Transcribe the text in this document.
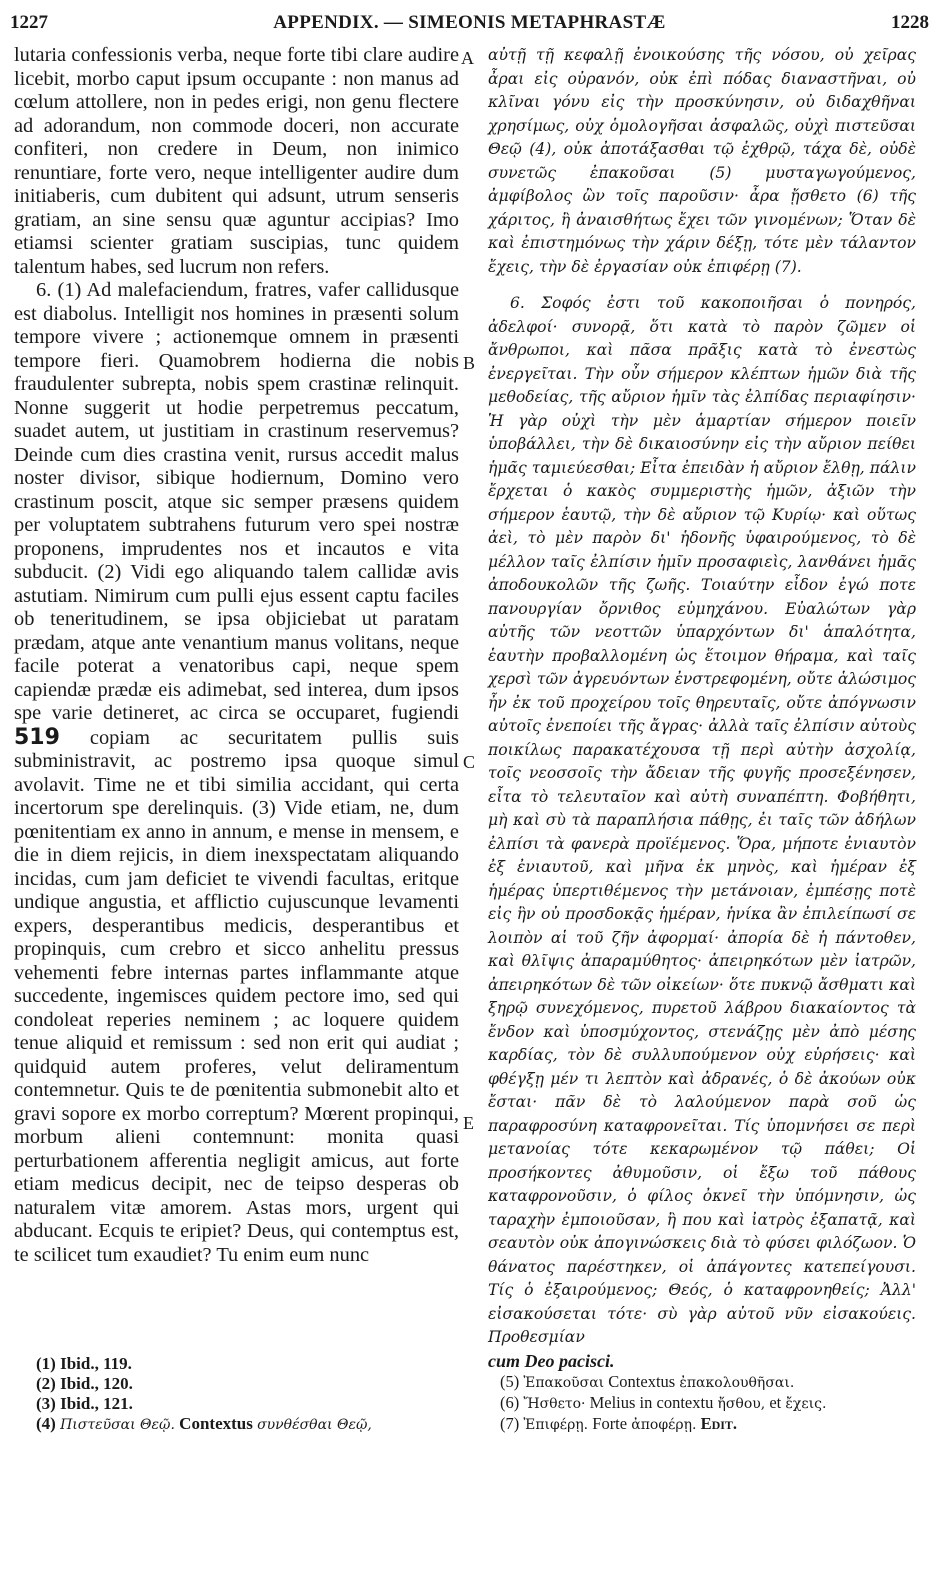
1227	APPENDIX. — SIMEONIS METAPHRASTÆ	1228

lutaria confessionis verba, neque forte tibi clare audire licebit, morbo caput ipsum occupante : non manus ad cœlum attollere, non in pedes erigi, non genu flectere ad adorandum, non commode doceri, non accurate confiteri, non credere in Deum, non inimico renuntiare, forte vero, neque intelligenter audire dum initiaberis, cum dubitent qui adsunt, utrum senseris gratiam, an sine sensu quæ aguntur accipias? Imo etiamsi scienter gratiam suscipias, tunc quidem talentum habes, sed lucrum non refers.

6. (1) Ad malefaciendum, fratres, vafer callidusque est diabolus. Intelligit nos homines in præsenti solum tempore vivere ; actionemque omnem in præsenti tempore fieri. Quamobrem hodierna die nobis fraudulenter subrepta, nobis spem crastinæ relinquit. Nonne suggerit ut hodie perpetremus peccatum, suadet autem, ut justitiam in crastinum reservemus? Deinde cum dies crastina venit, rursus accedit malus noster divisor, sibique hodiernum, Domino vero crastinum poscit, atque sic semper præsens quidem per voluptatem subtrahens futurum vero spei nostræ proponens, imprudentes nos et incautos e vita subducit. (2) Vidi ego aliquando talem callidæ avis astutiam. Nimirum cum pulli ejus essent captu faciles ob teneritudinem, se ipsa objiciebat ut paratam prædam, atque ante venantium manus volitans, neque facile poterat a venatoribus capi, neque spem capiendæ prædæ eis adimebat, sed interea, dum ipsos spe varie detineret, ac circa se occuparet, fugiendi 519 copiam ac securitatem pullis suis subministravit, ac postremo ipsa quoque simul avolavit. Time ne et tibi similia accidant, qui certa incertorum spe derelinquis. (3) Vide etiam, ne, dum pœnitentiam ex anno in annum, e mense in mensem, e die in diem rejicis, in diem inexspectatam aliquando incidas, cum jam deficiet te vivendi facultas, eritque undique angustia, et afflictio cujuscunque levamenti expers, desperantibus medicis, desperantibus et propinquis, cum crebro et sicco anhelitu pressus vehementi febre internas partes inflammante atque succedente, ingemisces quidem pectore imo, sed qui condoleat reperies neminem ; ac loquere quidem tenue aliquid et remissum : sed non erit qui audiat ; quidquid autem proferes, velut deliramentum contemnetur. Quis te de pœnitentia submonebit alto et gravi sopore ex morbo correptum? Mœrent propinqui, morbum alieni contemnunt: monita quasi perturbationem afferentia negligit amicus, aut forte etiam medicus decipit, nec de teipso desperas ob naturalem vitæ amorem. Astas mors, urgent qui abducant. Ecquis te eripiet? Deus, qui contemptus est, te scilicet tum exaudiet? Tu enim eum nunc

A
B
C
E

αὐτῇ τῇ κεφαλῇ ἐνοικούσης τῆς νόσου, οὐ χεῖρας ἆραι εἰς οὐρανόν, οὐκ ἐπὶ πόδας διαναστῆναι, οὐ κλῖναι γόνυ εἰς τὴν προσκύνησιν, οὐ διδαχθῆναι χρησίμως, οὐχ ὁμολογῆσαι ἀσφαλῶς, οὐχὶ πιστεῦσαι Θεῷ (4), οὐκ ἀποτάξασθαι τῷ ἐχθρῷ, τάχα δὲ, οὐδὲ συνετῶς ἐπακοῦσαι (5) μυσταγωγούμενος, ἀμφίβολος ὢν τοῖς παροῦσιν· ἆρα ᾔσθετο (6) τῆς χάριτος, ἢ ἀναισθήτως ἔχει τῶν γινομένων; Ὅταν δὲ καὶ ἐπιστημόνως τὴν χάριν δέξῃ, τότε μὲν τάλαντον ἔχεις, τὴν δὲ ἐργασίαν οὐκ ἐπιφέρῃ (7).

6. Σοφός ἐστι τοῦ κακοποιῆσαι ὁ πονηρός, ἀδελφοί· συνορᾷ, ὅτι κατὰ τὸ παρὸν ζῶμεν οἱ ἄνθρωποι, καὶ πᾶσα πρᾶξις κατὰ τὸ ἐνεστὼς ἐνεργεῖται. Τὴν οὖν σήμερον κλέπτων ἡμῶν διὰ τῆς μεθοδείας, τῆς αὔριον ἡμῖν τὰς ἐλπίδας περιαφίησιν· Ἡ γὰρ οὐχὶ τὴν μὲν ἁμαρτίαν σήμερον ποιεῖν ὑποβάλλει, τὴν δὲ δικαιοσύνην εἰς τὴν αὔριον πείθει ἡμᾶς ταμιεύεσθαι; Εἶτα ἐπειδὰν ἡ αὔριον ἔλθῃ, πάλιν ἔρχεται ὁ κακὸς συμμεριστὴς ἡμῶν, ἀξιῶν τὴν σήμερον ἑαυτῷ, τὴν δὲ αὔριον τῷ Κυρίῳ· καὶ οὕτως ἀεὶ, τὸ μὲν παρὸν δι' ἡδονῆς ὑφαιρούμενος, τὸ δὲ μέλλον ταῖς ἐλπίσιν ἡμῖν προσαφιεὶς, λανθάνει ἡμᾶς ἀποδουκολῶν τῆς ζωῆς. Τοιαύτην εἶδον ἐγώ ποτε πανουργίαν ὄρνιθος εὐμηχάνου. Εὐαλώτων γὰρ αὐτῆς τῶν νεοττῶν ὑπαρχόντων δι' ἁπαλότητα, ἑαυτὴν προβαλλομένη ὡς ἕτοιμον θήραμα, καὶ ταῖς χερσὶ τῶν ἀγρευόντων ἐνστρεφομένη, οὔτε ἁλώσιμος ἦν ἐκ τοῦ προχείρου τοῖς θηρευταῖς, οὔτε ἀπόγνωσιν αὐτοῖς ἐνεποίει τῆς ἄγρας· ἀλλὰ ταῖς ἐλπίσιν αὐτοὺς ποικίλως παρακατέχουσα τῇ περὶ αὐτὴν ἀσχολίᾳ, τοῖς νεοσσοῖς τὴν ἄδειαν τῆς φυγῆς προσεξένησεν, εἶτα τὸ τελευταῖον καὶ αὐτὴ συναπέπτη. Φοβήθητι, μὴ καὶ σὺ τὰ παραπλήσια πάθῃς, ἐι ταῖς τῶν ἀδήλων ἐλπίσι τὰ φανερὰ προϊέμενος. Ὅρα, μήποτε ἐνιαυτὸν ἐξ ἐνιαυτοῦ, καὶ μῆνα ἐκ μηνὸς, καὶ ἡμέραν ἐξ ἡμέρας ὑπερτιθέμενος τὴν μετάνοιαν, ἐμπέσῃς ποτὲ εἰς ἣν οὐ προσδοκᾷς ἡμέραν, ἡνίκα ἂν ἐπιλείπωσί σε λοιπὸν αἱ τοῦ ζῆν ἀφορμαί· ἀπορία δὲ ἡ πάντοθεν, καὶ θλῖψις ἀπαραμύθητος· ἀπειρηκότων μὲν ἰατρῶν, ἀπειρηκότων δὲ τῶν οἰκείων· ὅτε πυκνῷ ἄσθματι καὶ ξηρῷ συνεχόμενος, πυρετοῦ λάβρου διακαίοντος τὰ ἔνδον καὶ ὑποσμύχοντος, στενάζῃς μὲν ἀπὸ μέσης καρδίας, τὸν δὲ συλλυπούμενον οὐχ εὑρήσεις· καὶ φθέγξῃ μέν τι λεπτὸν καὶ ἀδρανές, ὁ δὲ ἀκούων οὐκ ἔσται· πᾶν δὲ τὸ λαλούμενον παρὰ σοῦ ὡς παραφροσύνη καταφρονεῖται. Τίς ὑπομνήσει σε περὶ μετανοίας τότε κεκαρωμένον τῷ πάθει; Οἱ προσήκοντες ἀθυμοῦσιν, οἱ ἔξω τοῦ πάθους καταφρονοῦσιν, ὁ φίλος ὀκνεῖ τὴν ὑπόμνησιν, ὡς ταραχὴν ἐμποιοῦσαν, ἢ που καὶ ἰατρὸς ἐξαπατᾷ, καὶ σεαυτὸν οὐκ ἀπογινώσκεις διὰ τὸ φύσει φιλόζωον. Ὁ θάνατος παρέστηκεν, οἱ ἀπάγοντες κατεπείγουσι. Τίς ὁ ἐξαιρούμενος; Θεός, ὁ καταφρονηθείς; Ἀλλ' εἰσακούσεται τότε· σὺ γὰρ αὐτοῦ νῦν εἰσακούεις. Προθεσμίαν

(1) Ibid., 119.
(2) Ibid., 120.
(3) Ibid., 121.
(4) Πιστεῦσαι Θεῷ. Contextus συνθέσθαι Θεῷ,
cum Deo pacisci.
(5) Ἐπακοῦσαι Contextus ἐπακολουθῆσαι.
(6) Ἤσθετο· Melius in contextu ἤσθου, et ἔχεις.
(7) Ἐπιφέρῃ. Forte ἀποφέρῃ. Edit.
